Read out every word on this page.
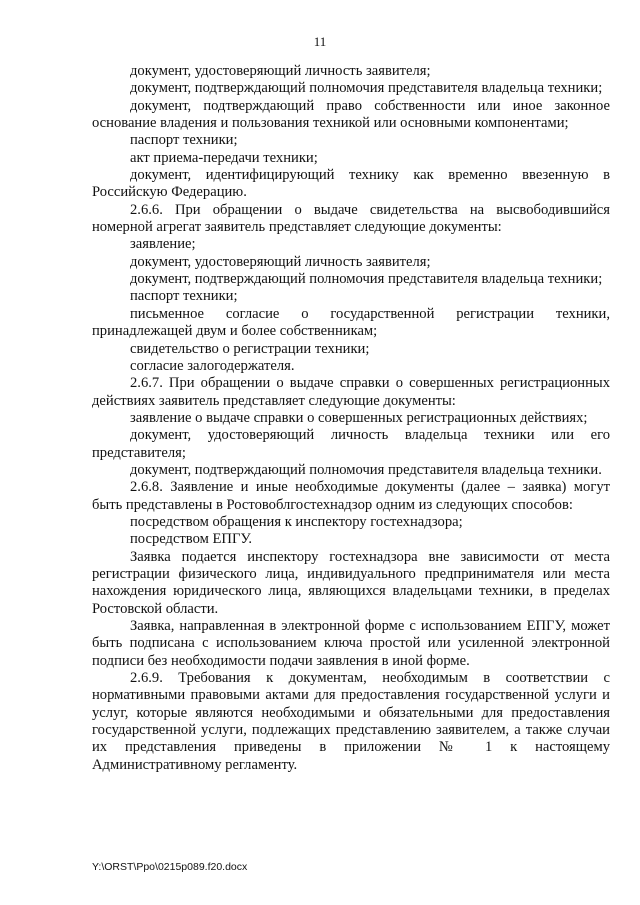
11

документ, удостоверяющий личность заявителя;

документ, подтверждающий полномочия представителя владельца техники;

документ, подтверждающий право собственности или иное законное основание владения и пользования техникой или основными компонентами;

паспорт техники;

акт приема-передачи техники;

документ, идентифицирующий технику как временно ввезенную в Российскую Федерацию.

2.6.6. При обращении о выдаче свидетельства на высвободившийся номерной агрегат заявитель представляет следующие документы:

заявление;

документ, удостоверяющий личность заявителя;

документ, подтверждающий полномочия представителя владельца техники;

паспорт техники;

письменное согласие о государственной регистрации техники, принадлежащей двум и более собственникам;

свидетельство о регистрации техники;

согласие залогодержателя.

2.6.7. При обращении о выдаче справки о совершенных регистрационных действиях заявитель представляет следующие документы:

заявление о выдаче справки о совершенных регистрационных действиях;

документ, удостоверяющий личность владельца техники или его представителя;

документ, подтверждающий полномочия представителя владельца техники.

2.6.8. Заявление и иные необходимые документы (далее – заявка) могут быть представлены в Ростовоблгостехнадзор одним из следующих способов:

посредством обращения к инспектору гостехнадзора;

посредством ЕПГУ.

Заявка подается инспектору гостехнадзора вне зависимости от места регистрации физического лица, индивидуального предпринимателя или места нахождения юридического лица, являющихся владельцами техники, в пределах Ростовской области.

Заявка, направленная в электронной форме с использованием ЕПГУ, может быть подписана с использованием ключа простой или усиленной электронной подписи без необходимости подачи заявления в иной форме.

2.6.9. Требования к документам, необходимым в соответствии с нормативными правовыми актами для предоставления государственной услуги и услуг, которые являются необходимыми и обязательными для предоставления государственной услуги, подлежащих представлению заявителем, а также случаи их представления приведены в приложении № 1 к настоящему Административному регламенту.

Y:\ORST\Ppo\0215p089.f20.docx
